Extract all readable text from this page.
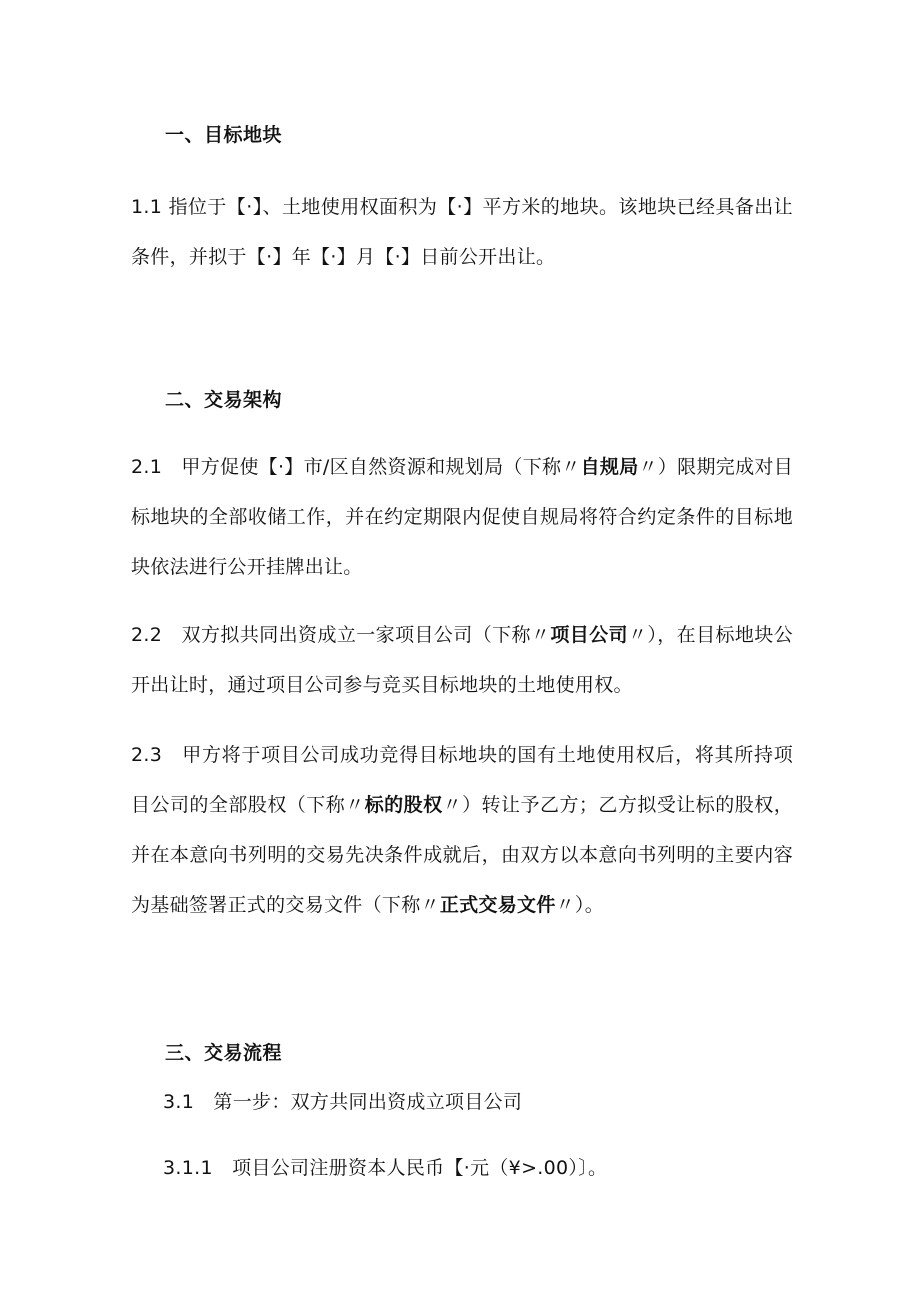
一、目标地块
1.1 指位于【·】、土地使用权面积为【·】平方米的地块。该地块已经具备出让条件，并拟于【·】年【·】月【·】日前公开出让。
二、交易架构
2.1　甲方促使【·】市/区自然资源和规划局（下称〃自规局〃）限期完成对目标地块的全部收储工作，并在约定期限内促使自规局将符合约定条件的目标地块依法进行公开挂牌出让。
2.2　双方拟共同出资成立一家项目公司（下称〃项目公司〃），在目标地块公开出让时，通过项目公司参与竞买目标地块的土地使用权。
2.3　甲方将于项目公司成功竞得目标地块的国有土地使用权后，将其所持项目公司的全部股权（下称〃标的股权〃）转让予乙方；乙方拟受让标的股权，并在本意向书列明的交易先决条件成就后，由双方以本意向书列明的主要内容为基础签署正式的交易文件（下称〃正式交易文件〃）。
三、交易流程
3.1　第一步：双方共同出资成立项目公司
3.1.1　项目公司注册资本人民币【·元（¥>.00）〕。
